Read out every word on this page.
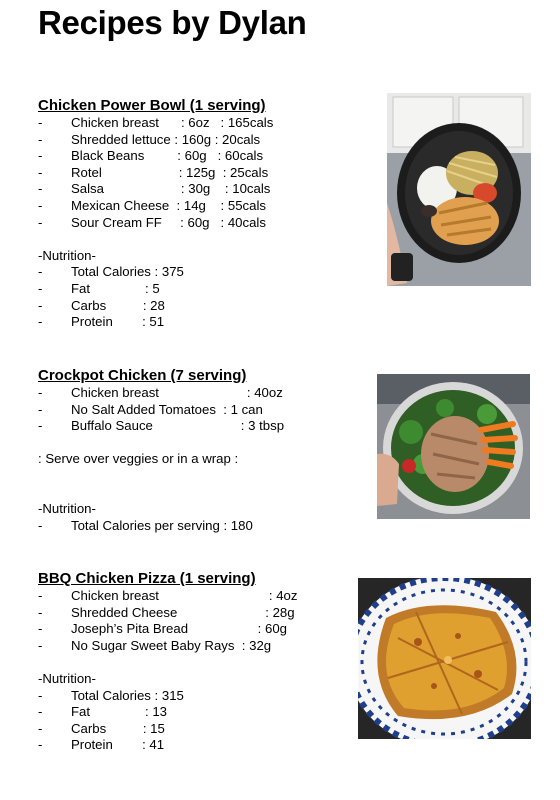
Recipes by Dylan
Chicken Power Bowl (1 serving)
- Chicken breast      : 6oz   : 165cals
- Shredded lettuce : 160g : 20cals
- Black Beans         : 60g   : 60cals
- Rotel                     : 125g  : 25cals
- Salsa                     : 30g    : 10cals
- Mexican Cheese  : 14g    : 55cals
- Sour Cream FF     : 60g   : 40cals
-Nutrition-
- Total Calories : 375
- Fat               : 5
- Carbs          : 28
- Protein        : 51
Crockpot Chicken (7 serving)
- Chicken breast                        : 40oz
- No Salt Added Tomatoes  : 1 can
- Buffalo Sauce                        : 3 tbsp
: Serve over veggies or in a wrap :
-Nutrition-
- Total Calories per serving : 180
BBQ Chicken Pizza (1 serving)
- Chicken breast                              : 4oz
- Shredded Cheese                        : 28g
- Joseph’s Pita Bread                   : 60g
- No Sugar Sweet Baby Rays  : 32g
-Nutrition-
- Total Calories : 315
- Fat               : 13
- Carbs          : 15
- Protein        : 41
